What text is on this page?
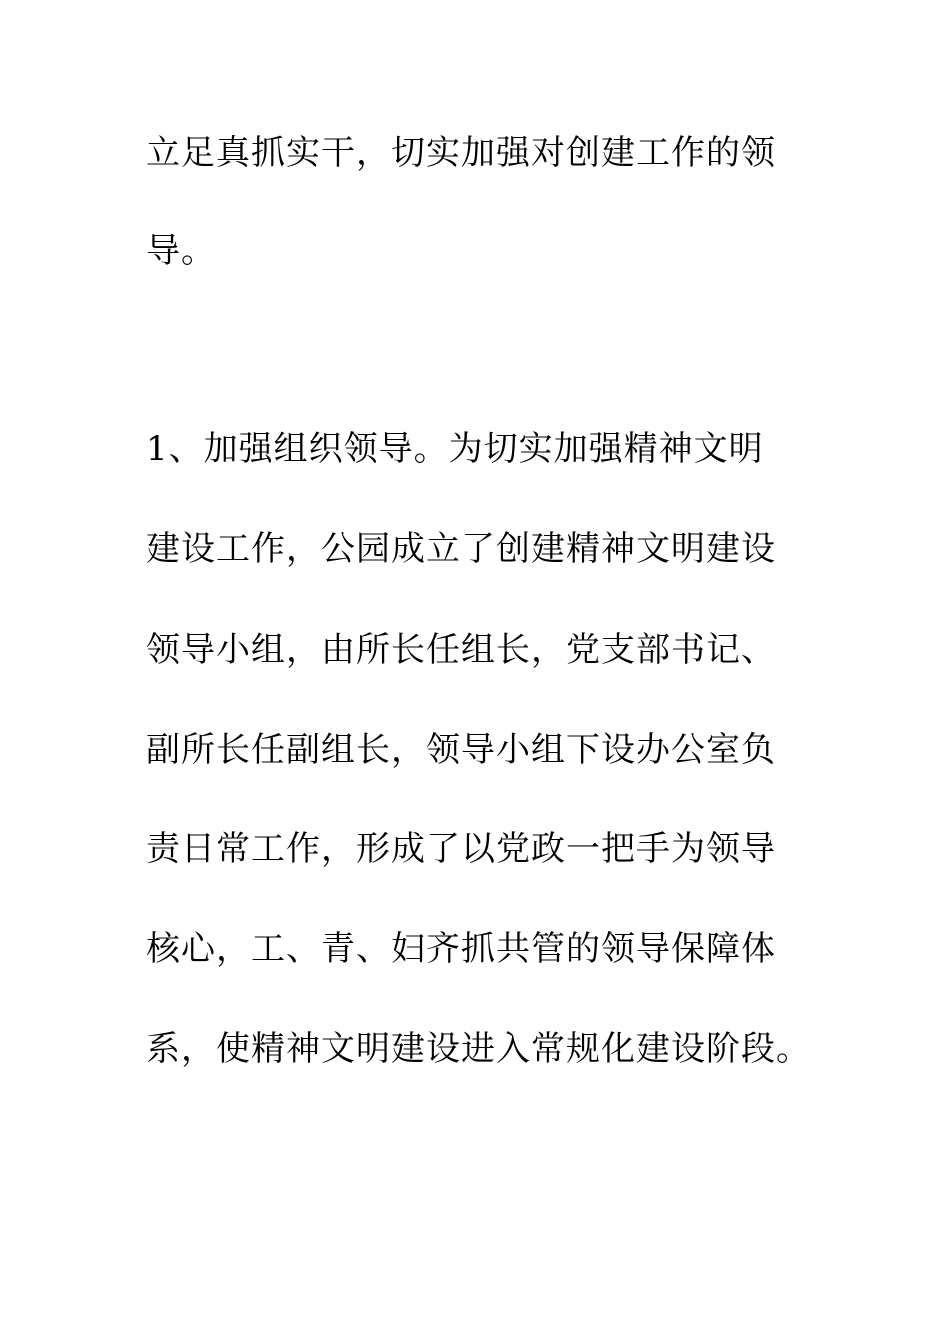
立足真抓实干，切实加强对创建工作的领
导。
1、加强组织领导。为切实加强精神文明
建设工作，公园成立了创建精神文明建设
领导小组，由所长任组长，党支部书记、
副所长任副组长，领导小组下设办公室负
责日常工作，形成了以党政一把手为领导
核心，工、青、妇齐抓共管的领导保障体
系，使精神文明建设进入常规化建设阶段。
